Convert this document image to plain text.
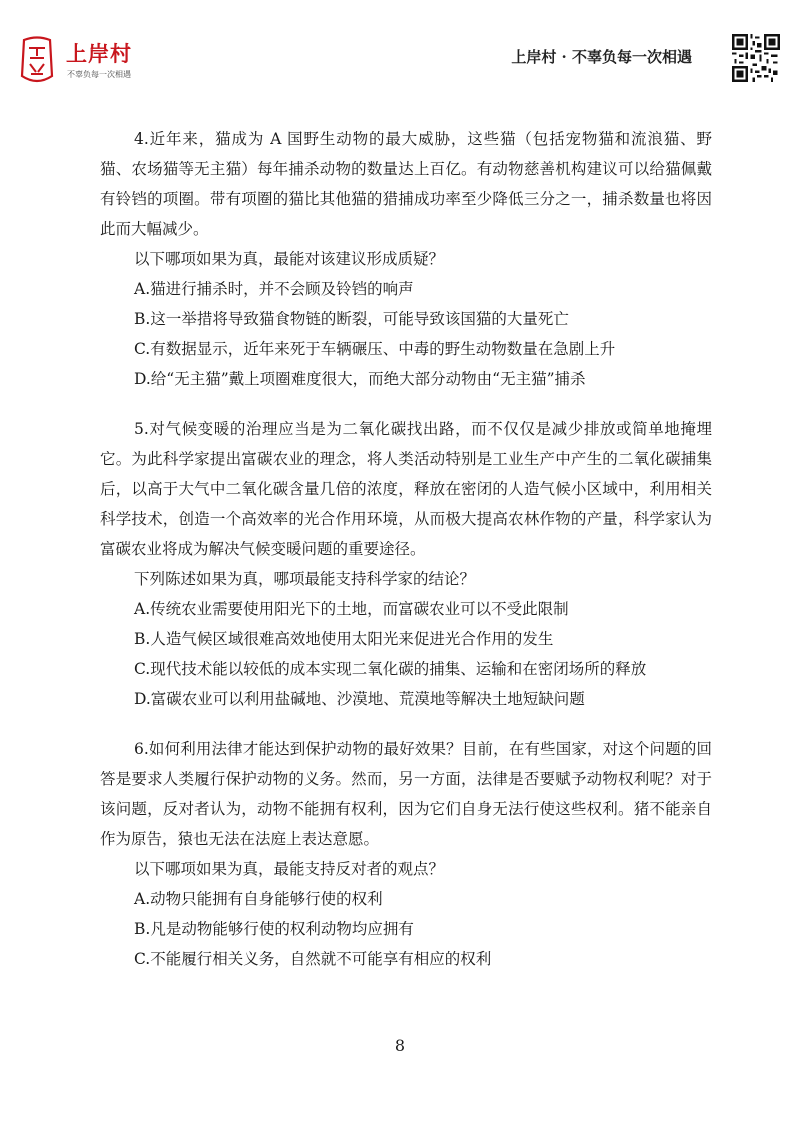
上岸村
不辜负每一次相遇
上岸村 · 不辜负每一次相遇

4.近年来，猫成为 A 国野生动物的最大威胁，这些猫（包括宠物猫和流浪猫、野猫、农场猫等无主猫）每年捕杀动物的数量达上百亿。有动物慈善机构建议可以给猫佩戴有铃铛的项圈。带有项圈的猫比其他猫的猎捕成功率至少降低三分之一，捕杀数量也将因此而大幅减少。

以下哪项如果为真，最能对该建议形成质疑？

A.猫进行捕杀时，并不会顾及铃铛的响声

B.这一举措将导致猫食物链的断裂，可能导致该国猫的大量死亡

C.有数据显示，近年来死于车辆碾压、中毒的野生动物数量在急剧上升

D.给“无主猫”戴上项圈难度很大，而绝大部分动物由“无主猫”捕杀

5.对气候变暖的治理应当是为二氧化碳找出路，而不仅仅是减少排放或简单地掩埋它。为此科学家提出富碳农业的理念，将人类活动特别是工业生产中产生的二氧化碳捕集后，以高于大气中二氧化碳含量几倍的浓度，释放在密闭的人造气候小区域中，利用相关科学技术，创造一个高效率的光合作用环境，从而极大提高农林作物的产量，科学家认为富碳农业将成为解决气候变暖问题的重要途径。

下列陈述如果为真，哪项最能支持科学家的结论？

A.传统农业需要使用阳光下的土地，而富碳农业可以不受此限制

B.人造气候区域很难高效地使用太阳光来促进光合作用的发生

C.现代技术能以较低的成本实现二氧化碳的捕集、运输和在密闭场所的释放

D.富碳农业可以利用盐碱地、沙漠地、荒漠地等解决土地短缺问题

6.如何利用法律才能达到保护动物的最好效果？目前，在有些国家，对这个问题的回答是要求人类履行保护动物的义务。然而，另一方面，法律是否要赋予动物权利呢？对于该问题，反对者认为，动物不能拥有权利，因为它们自身无法行使这些权利。猪不能亲自作为原告，猿也无法在法庭上表达意愿。

以下哪项如果为真，最能支持反对者的观点？

A.动物只能拥有自身能够行使的权利

B.凡是动物能够行使的权利动物均应拥有

C.不能履行相关义务，自然就不可能享有相应的权利

8
